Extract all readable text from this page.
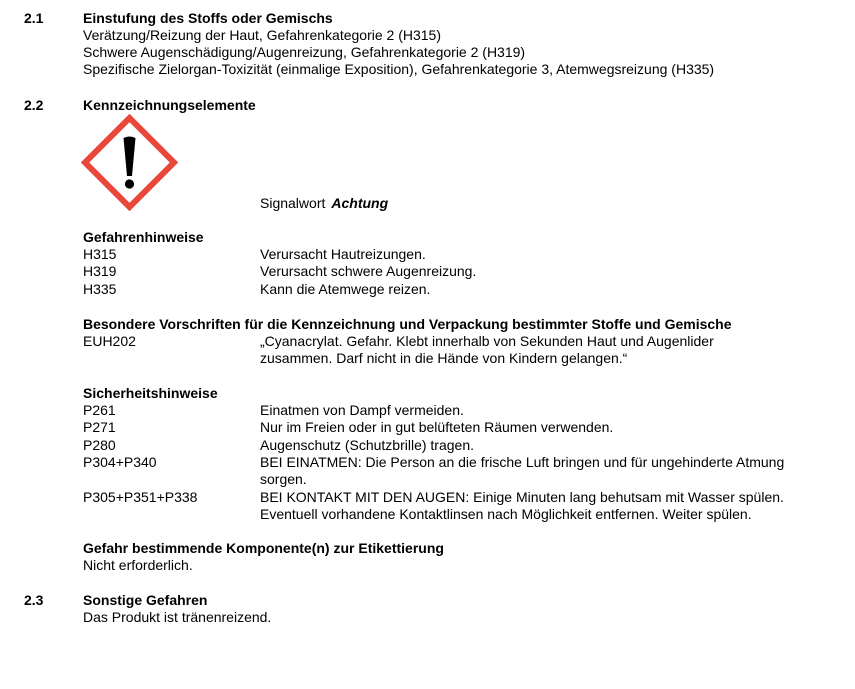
2.1	Einstufung des Stoffs oder Gemischs
Verätzung/Reizung der Haut, Gefahrenkategorie 2 (H315)
Schwere Augenschädigung/Augenreizung, Gefahrenkategorie 2 (H319)
Spezifische Zielorgan-Toxizität (einmalige Exposition), Gefahrenkategorie 3, Atemwegsreizung (H335)
2.2	Kennzeichnungselemente
Signalwort Achtung
Gefahrenhinweise
H315	Verursacht Hautreizungen.
H319	Verursacht schwere Augenreizung.
H335	Kann die Atemwege reizen.
Besondere Vorschriften für die Kennzeichnung und Verpackung bestimmter Stoffe und Gemische
EUH202	„Cyanacrylat. Gefahr. Klebt innerhalb von Sekunden Haut und Augenlider
zusammen. Darf nicht in die Hände von Kindern gelangen.“
Sicherheitshinweise
P261	Einatmen von Dampf vermeiden.
P271	Nur im Freien oder in gut belüfteten Räumen verwenden.
P280	Augenschutz (Schutzbrille) tragen.
P304+P340	BEI EINATMEN: Die Person an die frische Luft bringen und für ungehinderte Atmung
sorgen.
P305+P351+P338	BEI KONTAKT MIT DEN AUGEN: Einige Minuten lang behutsam mit Wasser spülen.
Eventuell vorhandene Kontaktlinsen nach Möglichkeit entfernen. Weiter spülen.
Gefahr bestimmende Komponente(n) zur Etikettierung
Nicht erforderlich.
2.3	Sonstige Gefahren
Das Produkt ist tränenreizend.
